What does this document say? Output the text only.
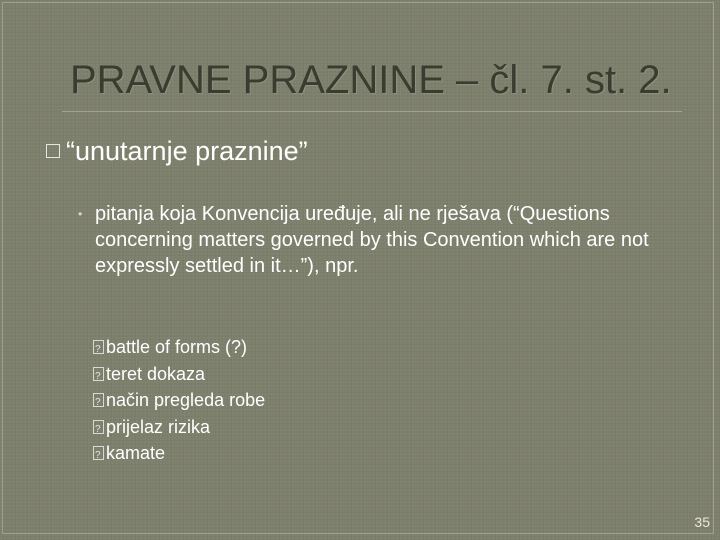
PRAVNE PRAZNINE – čl. 7. st. 2.
“unutarnje praznine”
• pitanja koja Konvencija uređuje, ali ne rješava (“Questions concerning matters governed by this Convention which are not expressly settled in it…”), npr.
?battle of forms (?)
?teret dokaza
?način pregleda robe
?prijelaz rizika
?kamate
35
